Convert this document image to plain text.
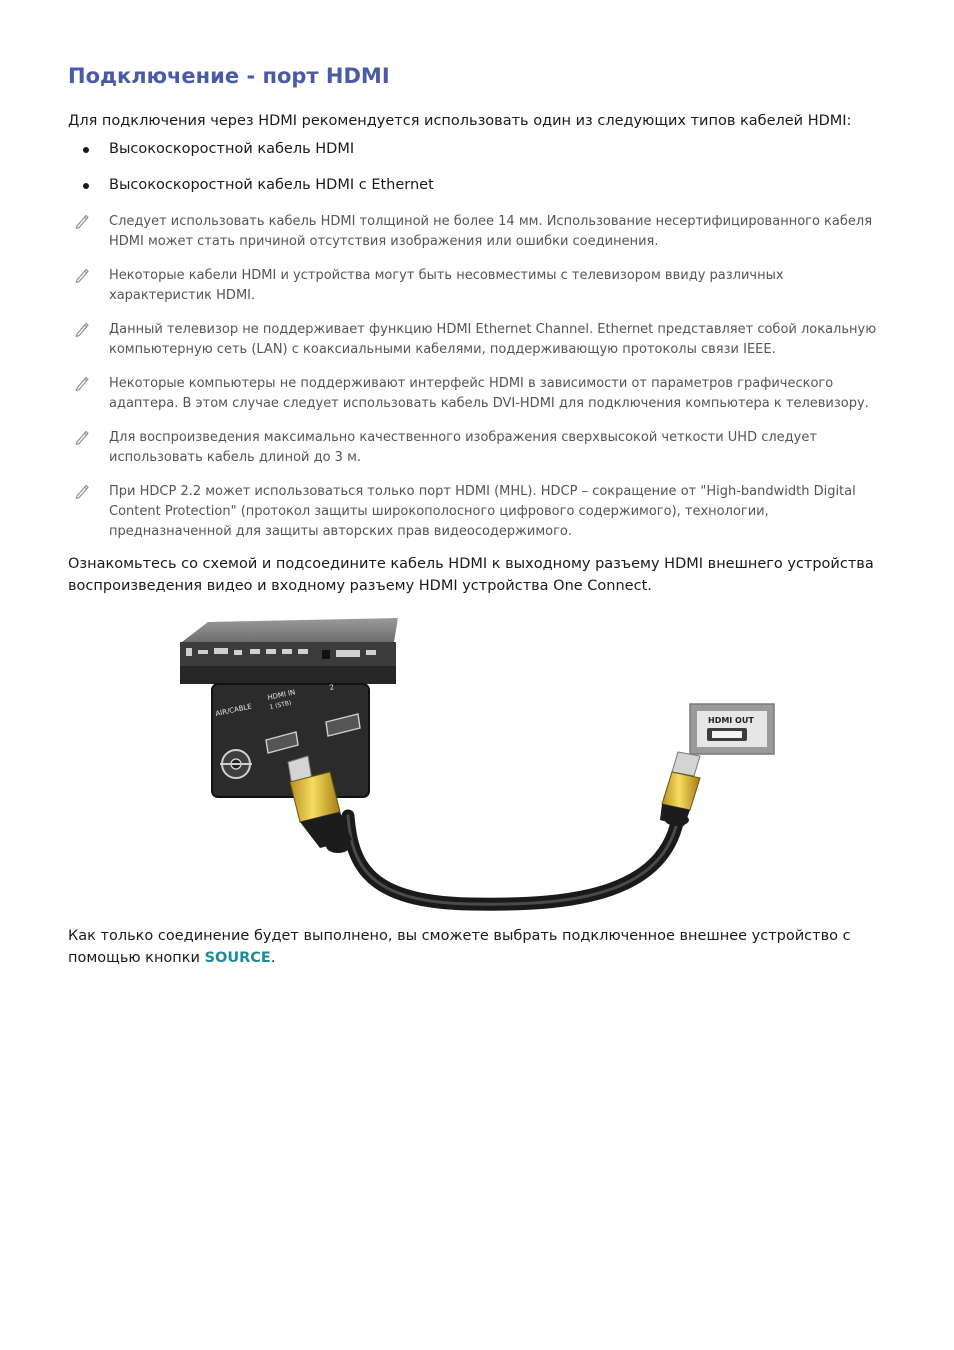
Подключение - порт HDMI

Для подключения через HDMI рекомендуется использовать один из следующих типов кабелей HDMI:

Высокоскоростной кабель HDMI
Высокоскоростной кабель HDMI с Ethernet
Следует использовать кабель HDMI толщиной не более 14 мм. Использование несертифицированного кабеля HDMI может стать причиной отсутствия изображения или ошибки соединения.
Некоторые кабели HDMI и устройства могут быть несовместимы с телевизором ввиду различных характеристик HDMI.
Данный телевизор не поддерживает функцию HDMI Ethernet Channel. Ethernet представляет собой локальную компьютерную сеть (LAN) с коаксиальными кабелями, поддерживающую протоколы связи IEEE.
Некоторые компьютеры не поддерживают интерфейс HDMI в зависимости от параметров графического адаптера. В этом случае следует использовать кабель DVI-HDMI для подключения компьютера к телевизору.
Для воспроизведения максимально качественного изображения сверхвысокой четкости UHD следует использовать кабель длиной до 3 м.
При HDCP 2.2 может использоваться только порт HDMI (MHL). HDCP – сокращение от "High-bandwidth Digital Content Protection" (протокол защиты широкополосного цифрового содержимого), технологии, предназначенной для защиты авторских прав видеосодержимого.

Ознакомьтесь со схемой и подсоедините кабель HDMI к выходному разъему HDMI внешнего устройства воспроизведения видео и входному разъему HDMI устройства One Connect.

AIR/CABLE
HDMI IN
1 (STB)
2
HDMI OUT

Как только соединение будет выполнено, вы сможете выбрать подключенное внешнее устройство с помощью кнопки SOURCE.
